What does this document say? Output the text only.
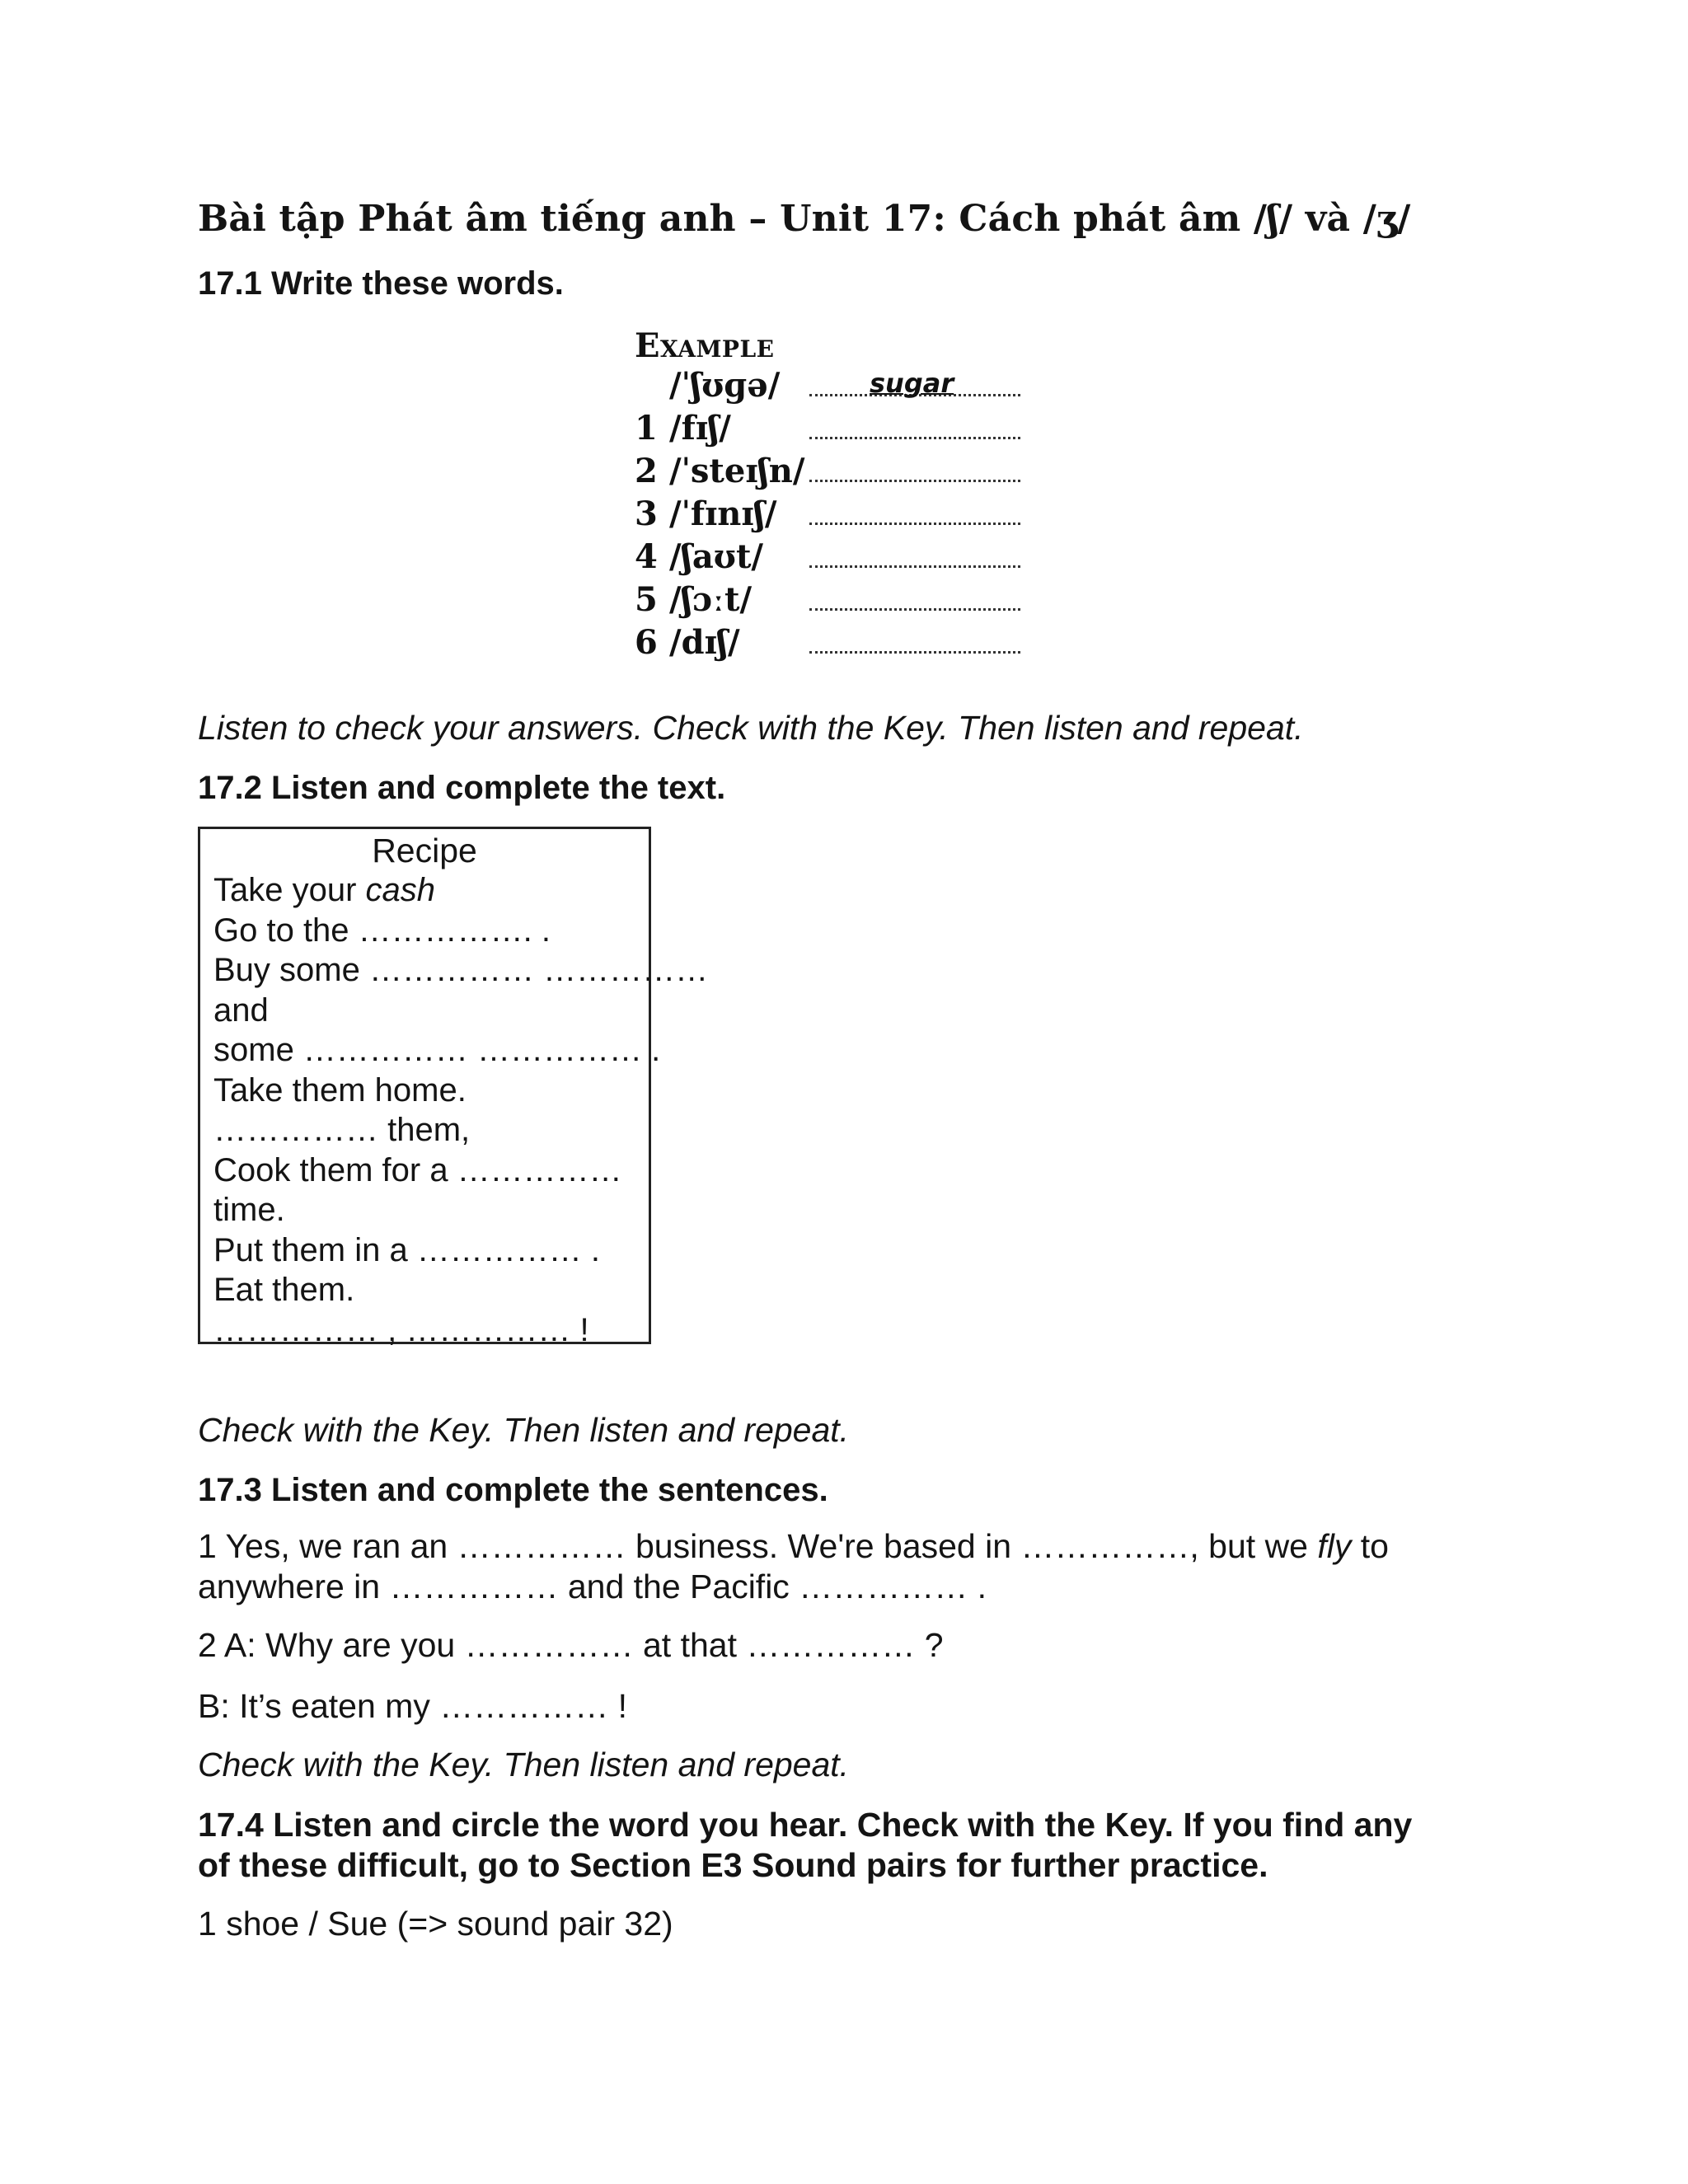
Bài tập Phát âm tiếng anh – Unit 17: Cách phát âm /ʃ/ và /ʒ/
17.1 Write these words.
Example
/ˈʃʊɡə/	sugar
1 /fɪʃ/
2 /ˈsteɪʃn/
3 /ˈfɪnɪʃ/
4 /ʃaʊt/
5 /ʃɔːt/
6 /dɪʃ/
Listen to check your answers. Check with the Key. Then listen and repeat.
17.2 Listen and complete the text.
Recipe
Take your cash
Go to the ……………. .
Buy some …………… ……………
and
some …………… …………… .
Take them home.
…………… them,
Cook them for a ……………
time.
Put them in a …………… .
Eat them.
…………… , …………… !
Check with the Key. Then listen and repeat.
17.3 Listen and complete the sentences.
1 Yes, we ran an …………… business. We're based in ……………, but we fly to
anywhere in …………… and the Pacific …………… .
2 A: Why are you …………… at that …………… ?
B: It’s eaten my …………… !
Check with the Key. Then listen and repeat.
17.4 Listen and circle the word you hear. Check with the Key. If you find any
of these difficult, go to Section E3 Sound pairs for further practice.
1 shoe / Sue (=> sound pair 32)
